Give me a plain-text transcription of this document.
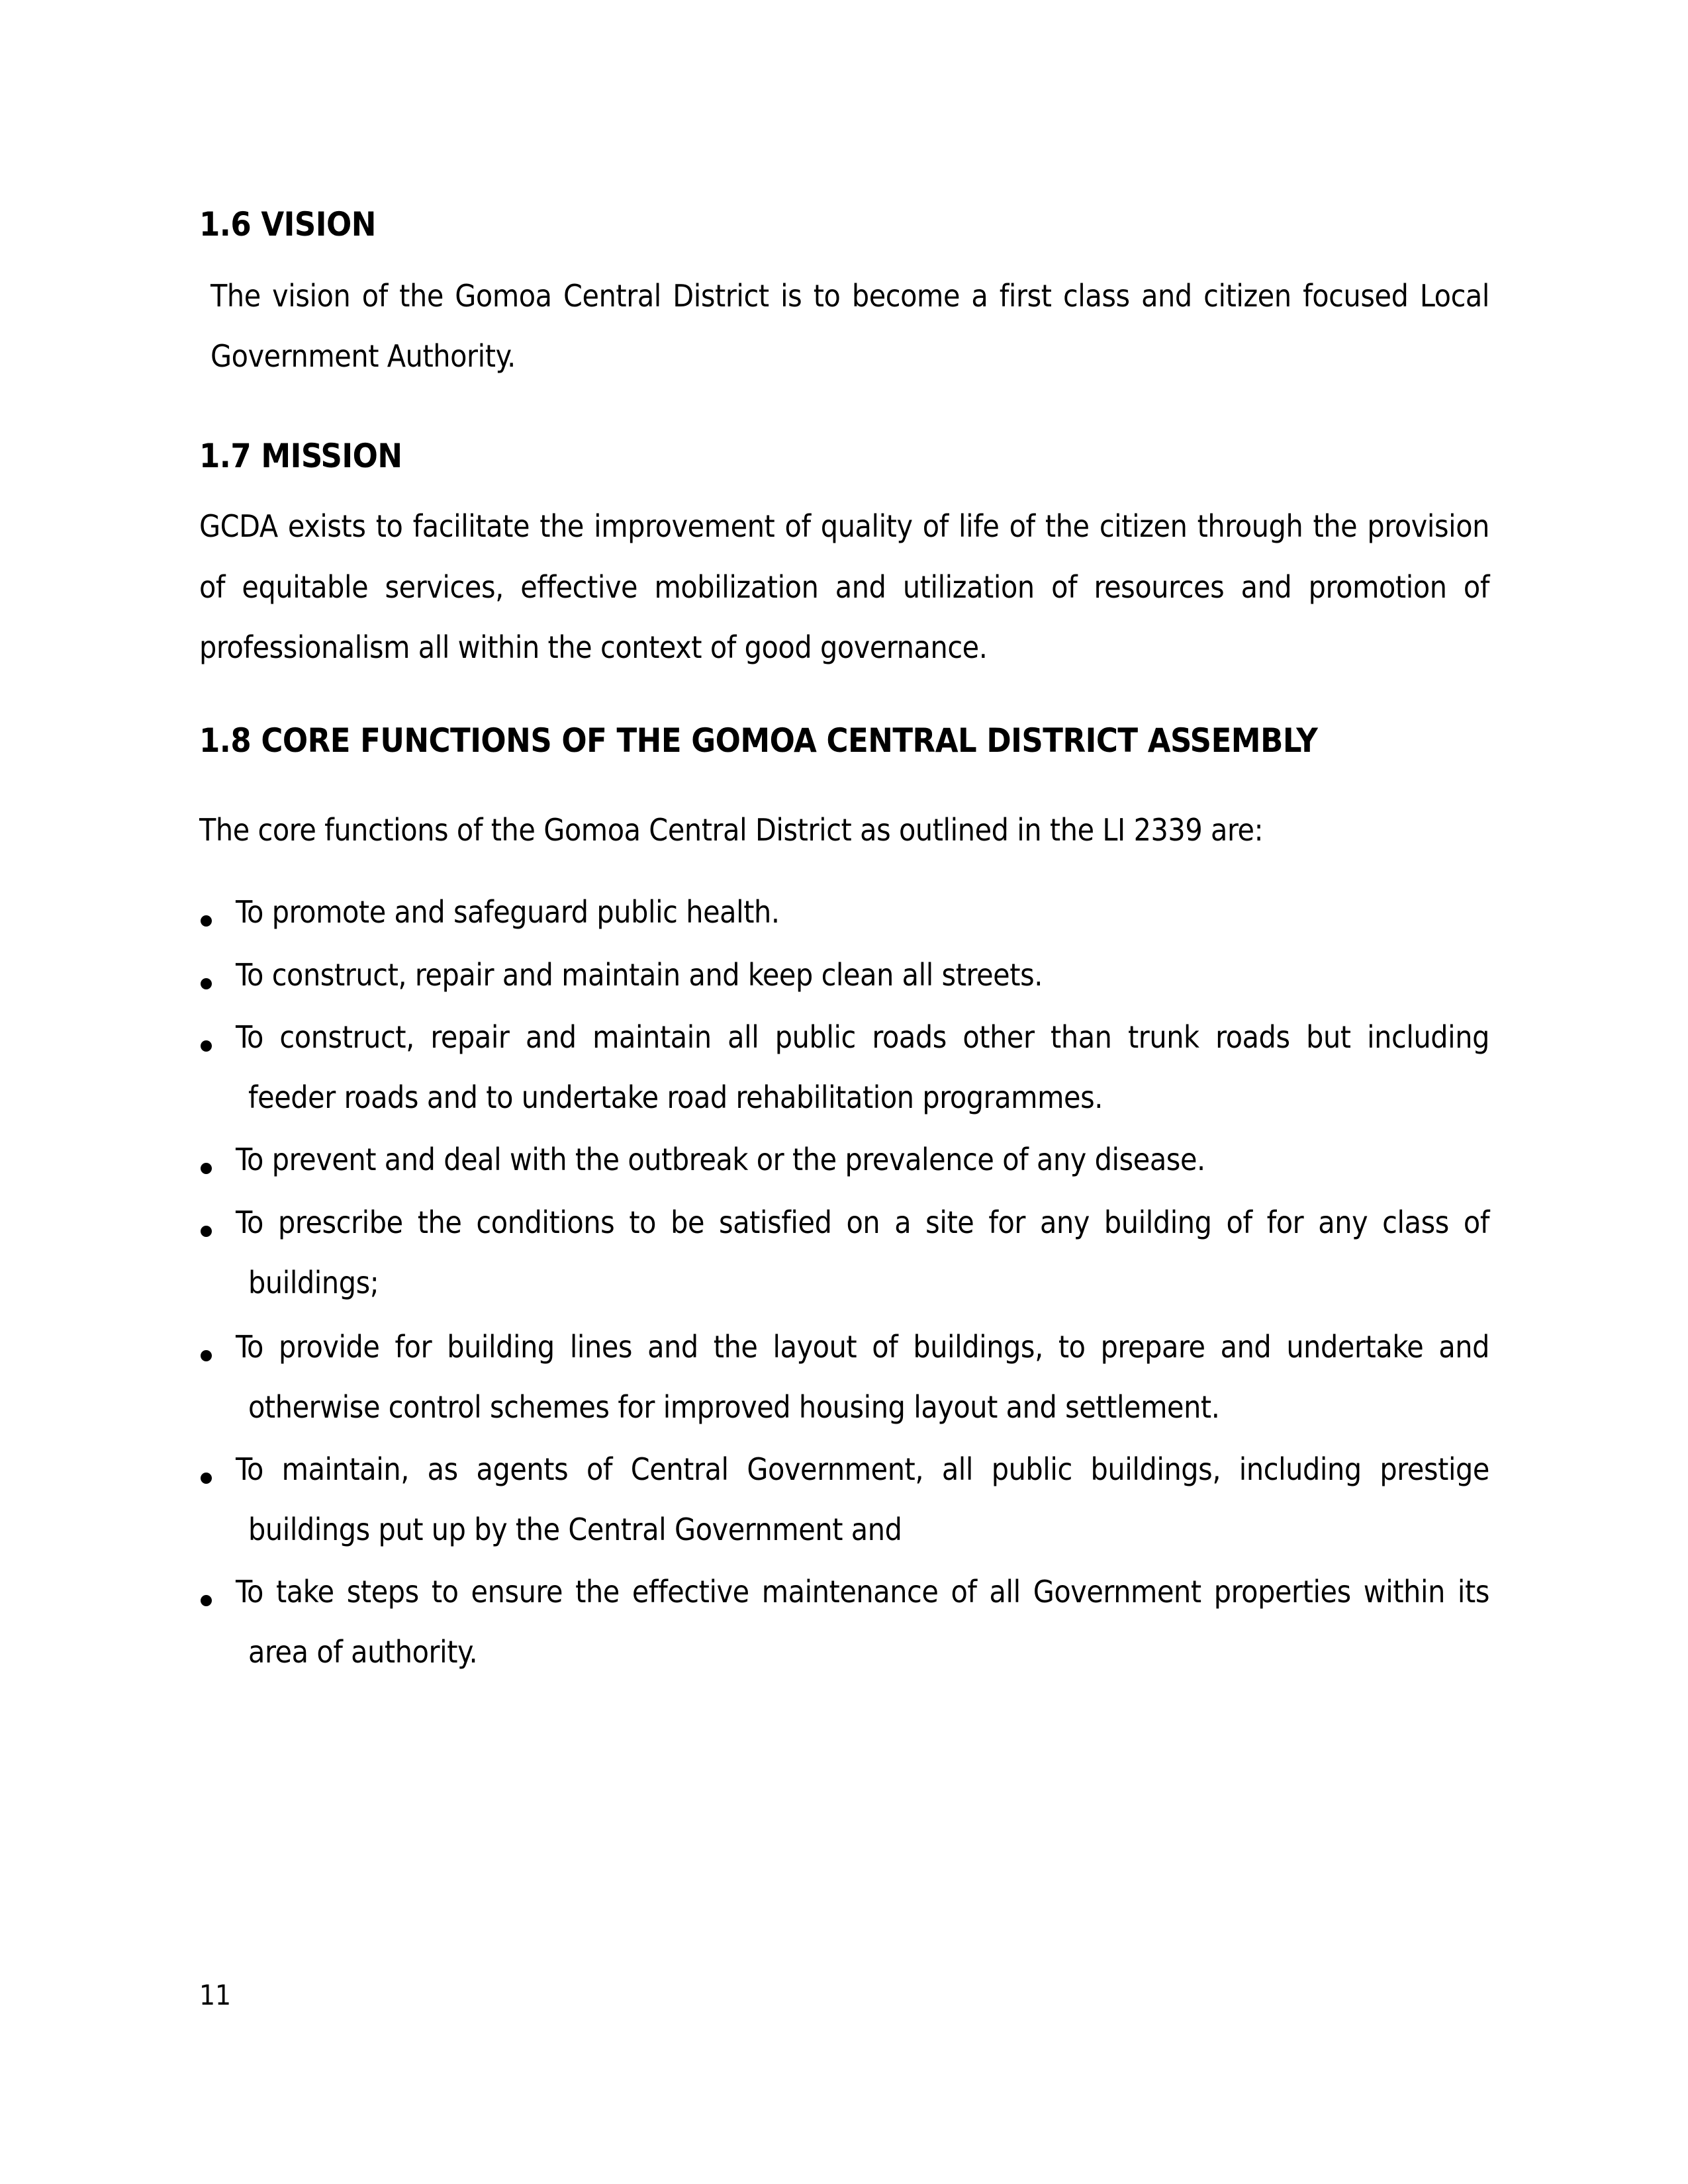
1.6 VISION
The vision of the Gomoa Central District is to become a first class and citizen focused Local
Government Authority.
1.7 MISSION
GCDA exists to facilitate the improvement of quality of life of the citizen through the provision
of equitable services, effective mobilization and utilization of resources and promotion of
professionalism all within the context of good governance.
1.8 CORE FUNCTIONS OF THE GOMOA CENTRAL DISTRICT ASSEMBLY
The core functions of the Gomoa Central District as outlined in the LI 2339 are:
To promote and safeguard public health.
To construct, repair and maintain and keep clean all streets.
To construct, repair and maintain all public roads other than trunk roads but including
feeder roads and to undertake road rehabilitation programmes.
To prevent and deal with the outbreak or the prevalence of any disease.
To prescribe the conditions to be satisfied on a site for any building of for any class of
buildings;
To provide for building lines and the layout of buildings, to prepare and undertake and
otherwise control schemes for improved housing layout and settlement.
To maintain, as agents of Central Government, all public buildings, including prestige
buildings put up by the Central Government and
To take steps to ensure the effective maintenance of all Government properties within its
area of authority.
11
